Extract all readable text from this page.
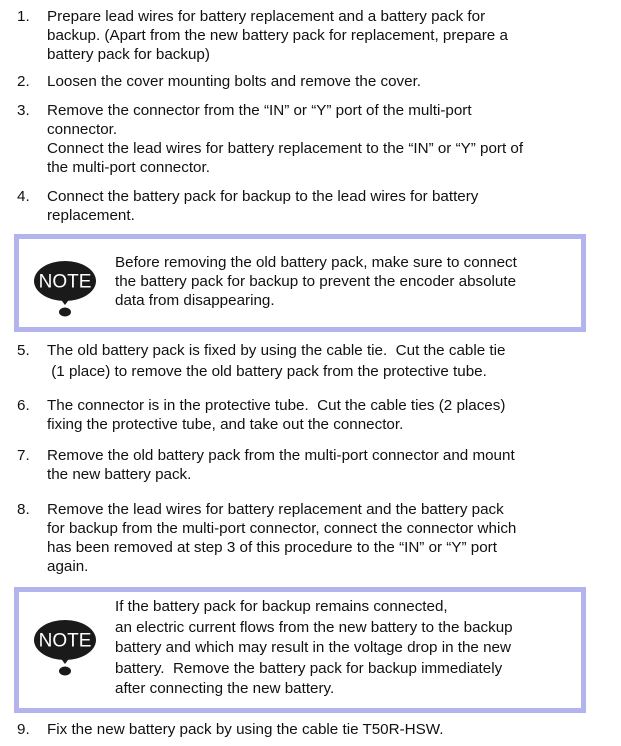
1.	Prepare lead wires for battery replacement and a battery pack for
backup. (Apart from the new battery pack for replacement, prepare a
battery pack for backup)
2.	Loosen the cover mounting bolts and remove the cover.
3.	Remove the connector from the “IN” or “Y” port of the multi-port
connector.
Connect the lead wires for battery replacement to the “IN” or “Y” port of
the multi-port connector.
4.	Connect the battery pack for backup to the lead wires for battery
replacement.
NOTE
Before removing the old battery pack, make sure to connect
the battery pack for backup to prevent the encoder absolute
data from disappearing.
5.	The old battery pack is fixed by using the cable tie.  Cut the cable tie
(1 place) to remove the old battery pack from the protective tube.
6.	The connector is in the protective tube.  Cut the cable ties (2 places)
fixing the protective tube, and take out the connector.
7.	Remove the old battery pack from the multi-port connector and mount
the new battery pack.
8.	Remove the lead wires for battery replacement and the battery pack
for backup from the multi-port connector, connect the connector which
has been removed at step 3 of this procedure to the “IN” or “Y” port
again.
NOTE
If the battery pack for backup remains connected,
an electric current flows from the new battery to the backup
battery and which may result in the voltage drop in the new
battery.  Remove the battery pack for backup immediately
after connecting the new battery.
9.	Fix the new battery pack by using the cable tie T50R-HSW.
